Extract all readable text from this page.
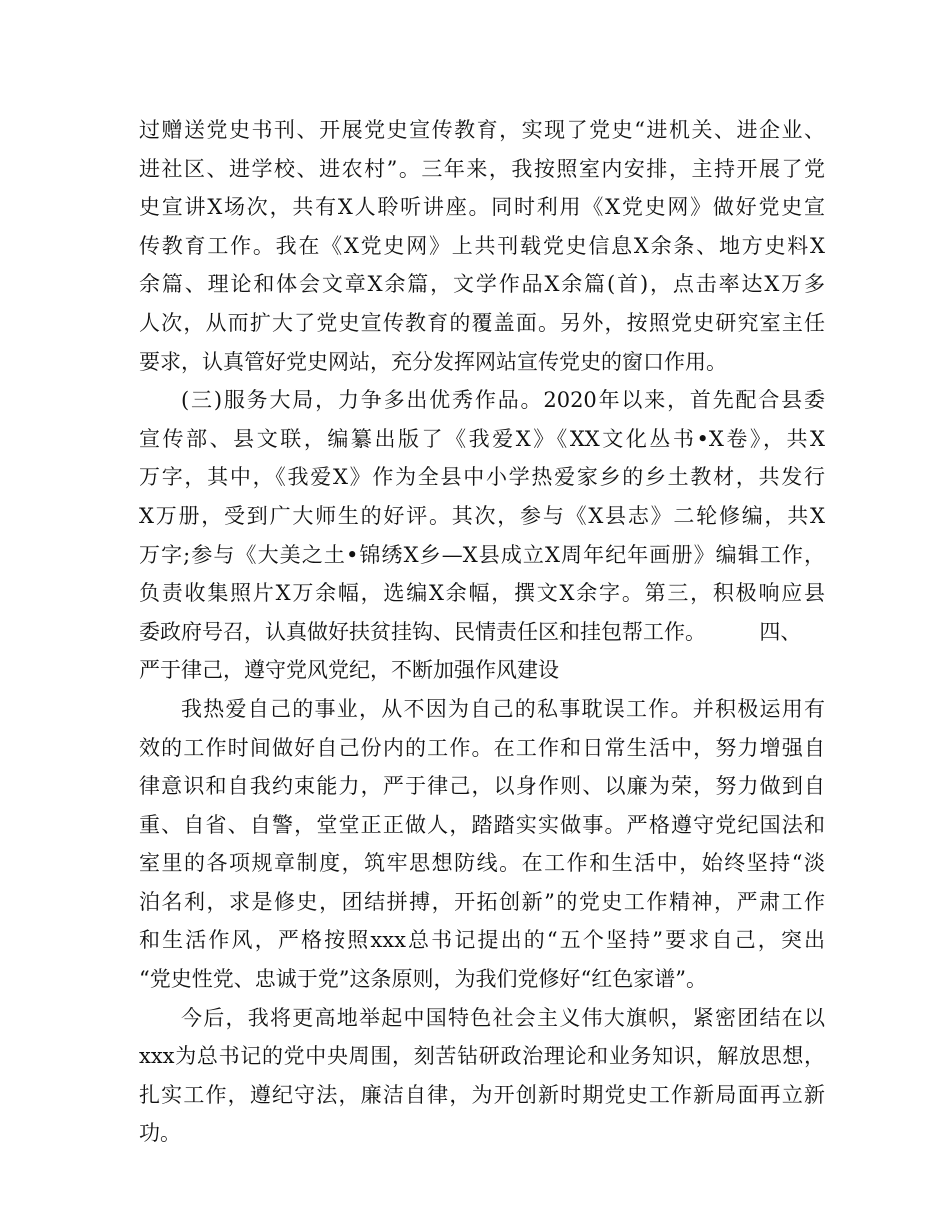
过赠送党史书刊、开展党史宣传教育，实现了党史“进机关、进企业、
进社区、进学校、进农村”。三年来，我按照室内安排，主持开展了党
史宣讲X场次，共有X人聆听讲座。同时利用《X党史网》做好党史宣
传教育工作。我在《X党史网》上共刊载党史信息X余条、地方史料X
余篇、理论和体会文章X余篇，文学作品X余篇(首)，点击率达X万多
人次，从而扩大了党史宣传教育的覆盖面。另外，按照党史研究室主任
要求，认真管好党史网站，充分发挥网站宣传党史的窗口作用。
(三)服务大局，力争多出优秀作品。2020年以来，首先配合县委
宣传部、县文联，编纂出版了《我爱X》《XX文化丛书•X卷》，共X
万字，其中，《我爱X》作为全县中小学热爱家乡的乡土教材，共发行
X万册，受到广大师生的好评。其次，参与《X县志》二轮修编，共X
万字;参与《大美之土•锦绣X乡—X县成立X周年纪年画册》编辑工作，
负责收集照片X万余幅，选编X余幅，撰文X余字。第三，积极响应县
委政府号召，认真做好扶贫挂钩、民情责任区和挂包帮工作。        四、
严于律己，遵守党风党纪，不断加强作风建设
我热爱自己的事业，从不因为自己的私事耽误工作。并积极运用有
效的工作时间做好自己份内的工作。在工作和日常生活中，努力增强自
律意识和自我约束能力，严于律己，以身作则、以廉为荣，努力做到自
重、自省、自警，堂堂正正做人，踏踏实实做事。严格遵守党纪国法和
室里的各项规章制度，筑牢思想防线。在工作和生活中，始终坚持“淡
泊名利，求是修史，团结拼搏，开拓创新”的党史工作精神，严肃工作
和生活作风，严格按照xxx总书记提出的“五个坚持”要求自己，突出
“党史性党、忠诚于党”这条原则，为我们党修好“红色家谱”。
今后，我将更高地举起中国特色社会主义伟大旗帜，紧密团结在以
xxx为总书记的党中央周围，刻苦钻研政治理论和业务知识，解放思想，
扎实工作，遵纪守法，廉洁自律，为开创新时期党史工作新局面再立新
功。
